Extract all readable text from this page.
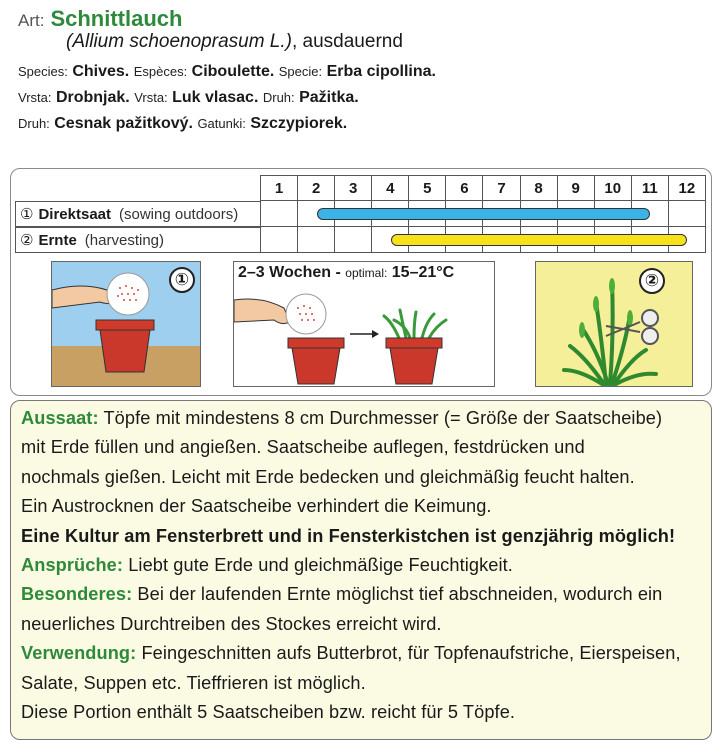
Art: Schnittlauch
(Allium schoenoprasum L.), ausdauernd
Species: Chives. Espèces: Ciboulette. Specie: Erba cipollina.
Vrsta: Drobnjak. Vrsta: Luk vlasac. Druh: Pažitka.
Druh: Cesnak pažitkový. Gatunki: Szczypiorek.
1	2	3	4	5	6	7	8	9	10	11	12
① Direktsaat (sowing outdoors)
② Ernte (harvesting)
①	2–3 Wochen - optimal: 15–21°C	②

Aussaat: Töpfe mit mindestens 8 cm Durchmesser (= Größe der Saatscheibe)

mit Erde füllen und angießen. Saatscheibe auflegen, festdrücken und

nochmals gießen. Leicht mit Erde bedecken und gleichmäßig feucht halten.

Ein Austrocknen der Saatscheibe verhindert die Keimung.

Eine Kultur am Fensterbrett und in Fensterkistchen ist genzjährig möglich!

Ansprüche: Liebt gute Erde und gleichmäßige Feuchtigkeit.

Besonderes: Bei der laufenden Ernte möglichst tief abschneiden, wodurch ein

neuerliches Durchtreiben des Stockes erreicht wird.

Verwendung: Feingeschnitten aufs Butterbrot, für Topfenaufstriche, Eierspeisen,

Salate, Suppen etc. Tieffrieren ist möglich.

Diese Portion enthält 5 Saatscheiben bzw. reicht für 5 Töpfe.
